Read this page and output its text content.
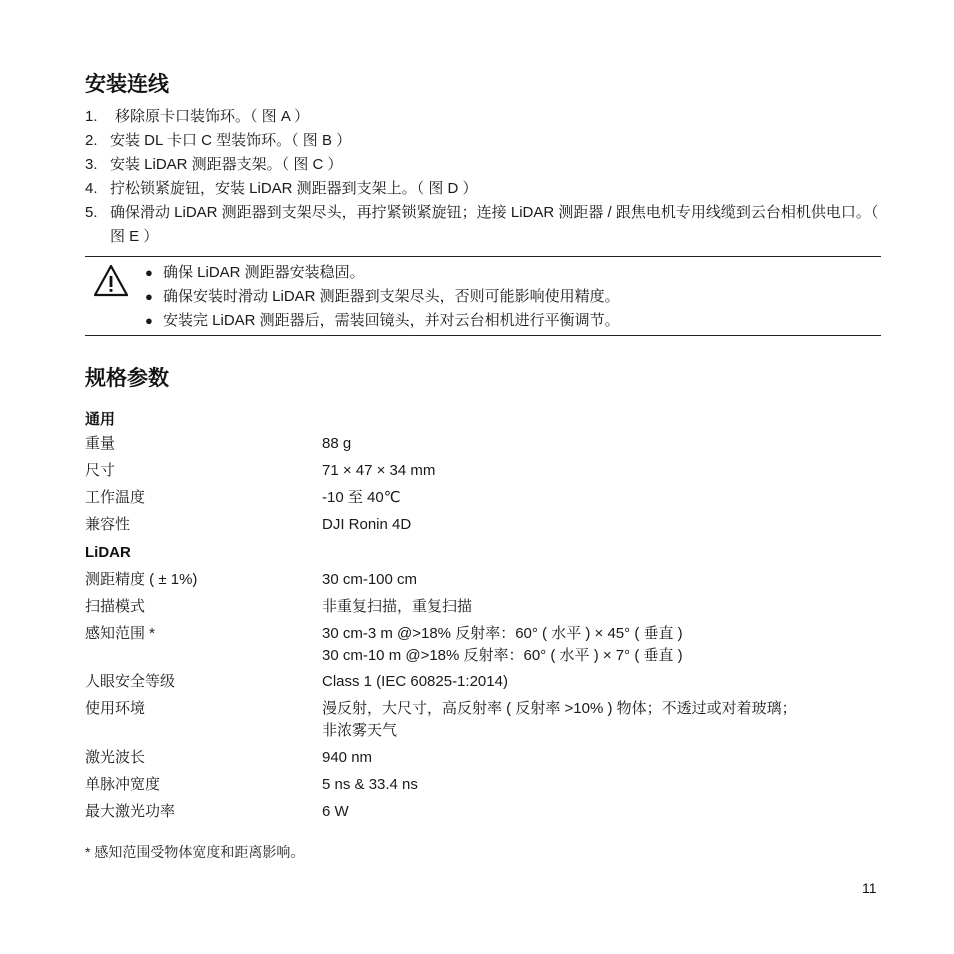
安装连线
1.	移除原卡口装饰环。（ 图 A ）
2. 安装 DL 卡口 C 型装饰环。（ 图 B ）
3. 安装 LiDAR 测距器支架。（ 图 C ）
4. 拧松锁紧旋钮，安装 LiDAR 测距器到支架上。（ 图 D ）
5. 确保滑动 LiDAR 测距器到支架尽头，再拧紧锁紧旋钮；连接 LiDAR 测距器 / 跟焦电机专用线缆到云台相机供电口。（ 图 E ）
● 确保 LiDAR 测距器安装稳固。
● 确保安装时滑动 LiDAR 测距器到支架尽头，否则可能影响使用精度。
● 安装完 LiDAR 测距器后，需装回镜头，并对云台相机进行平衡调节。
规格参数
通用
重量	88 g
尺寸	71 × 47 × 34 mm
工作温度	-10 至 40℃
兼容性	DJI Ronin 4D
LiDAR
测距精度 ( ± 1%)	30 cm-100 cm
扫描模式	非重复扫描，重复扫描
感知范围 *	30 cm-3 m @>18% 反射率：60° ( 水平 ) × 45° ( 垂直 )
30 cm-10 m @>18% 反射率：60° ( 水平 ) × 7° ( 垂直 )
人眼安全等级	Class 1 (IEC 60825-1:2014)
使用环境	漫反射，大尺寸，高反射率 ( 反射率 >10% ) 物体；不透过或对着玻璃；
非浓雾天气
激光波长	940 nm
单脉冲宽度	5 ns & 33.4 ns
最大激光功率	6 W
* 感知范围受物体宽度和距离影响。
11
